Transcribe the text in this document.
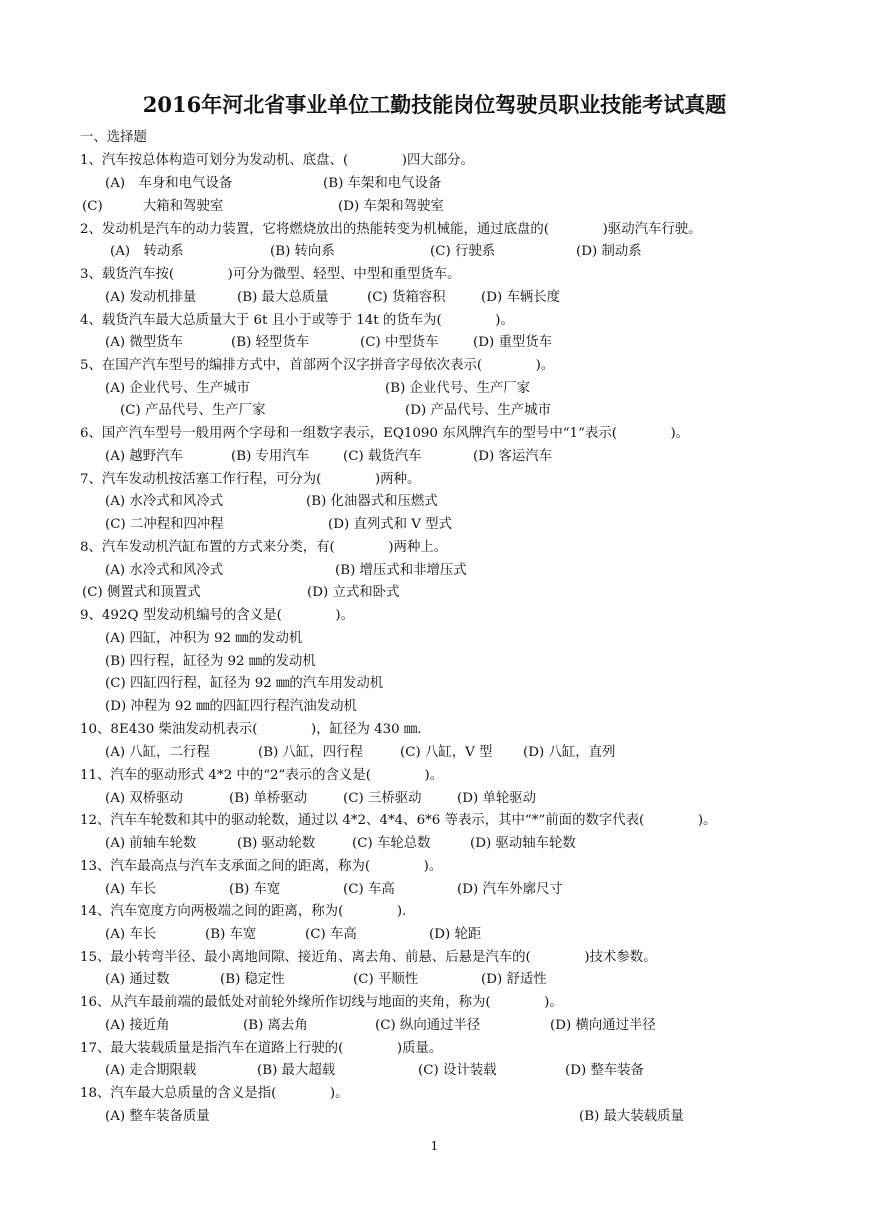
2016年河北省事业单位工勤技能岗位驾驶员职业技能考试真题
一、选择题
1、汽车按总体构造可划分为发动机、底盘、(　　　　)四大部分。
(A)　车身和电气设备	(B) 车架和电气设备
(C)　　　大箱和驾驶室	(D) 车架和驾驶室
2、发动机是汽车的动力装置，它将燃烧放出的热能转变为机械能，通过底盘的(　　　　)驱动汽车行驶。
(A)　转动系	(B) 转向系	(C) 行驶系	(D) 制动系
3、载货汽车按(　　　　)可分为微型、轻型、中型和重型货车。
(A) 发动机排量	(B) 最大总质量	(C) 货箱容积	(D) 车辆长度
4、载货汽车最大总质量大于 6t 且小于或等于 14t 的货车为(　　　　)。
(A) 微型货车	(B) 轻型货车	(C) 中型货车	(D) 重型货车
5、在国产汽车型号的编排方式中，首部两个汉字拼音字母依次表示(　　　　)。
(A) 企业代号、生产城市	(B) 企业代号、生产厂家
(C) 产品代号、生产厂家	(D) 产品代号、生产城市
6、国产汽车型号一般用两个字母和一组数字表示，EQ1090 东风牌汽车的型号中“1”表示(　　　　)。
(A) 越野汽车	(B) 专用汽车	(C) 载货汽车	(D) 客运汽车
7、汽车发动机按活塞工作行程，可分为(　　　　)两种。
(A) 水冷式和风冷式	(B) 化油器式和压燃式
(C) 二冲程和四冲程	(D) 直列式和 V 型式
8、汽车发动机汽缸布置的方式来分类，有(　　　　)两种上。
(A) 水冷式和风冷式	(B) 增压式和非增压式
(C) 侧置式和顶置式	(D) 立式和卧式
9、492Q 型发动机编号的含义是(　　　　)。
(A) 四缸，冲积为 92 ㎜的发动机
(B) 四行程，缸径为 92 ㎜的发动机
(C) 四缸四行程，缸径为 92 ㎜的汽车用发动机
(D) 冲程为 92 ㎜的四缸四行程汽油发动机
10、8E430 柴油发动机表示(　　　　)，缸径为 430 ㎜.
(A) 八缸，二行程	(B) 八缸，四行程	(C) 八缸，V 型 (D) 八缸，直列
11、汽车的驱动形式 4*2 中的“2”表示的含义是(　　　　)。
(A) 双桥驱动	(B) 单桥驱动	(C) 三桥驱动	(D) 单轮驱动
12、汽车车轮数和其中的驱动轮数，通过以 4*2、4*4、6*6 等表示，其中“*”前面的数字代表(　　　　)。
(A) 前轴车轮数	(B) 驱动轮数	(C) 车轮总数	(D) 驱动轴车轮数
13、汽车最高点与汽车支承面之间的距离，称为(　　　　)。
(A) 车长	(B) 车宽	(C) 车高	(D) 汽车外廓尺寸
14、汽车宽度方向两极端之间的距离，称为(　　　　).
(A) 车长	(B) 车宽	(C) 车高	(D) 轮距
15、最小转弯半径、最小离地间隙、接近角、离去角、前悬、后悬是汽车的(　　　　)技术参数。
(A) 通过数	(B) 稳定性	(C) 平顺性	(D) 舒适性
16、从汽车最前端的最低处对前轮外缘所作切线与地面的夹角，称为(　　　　)。
(A) 接近角	(B) 离去角	(C) 纵向通过半径	(D) 横向通过半径
17、最大装载质量是指汽车在道路上行驶的(　　　　)质量。
(A) 走合期限载	(B) 最大超载	(C) 设计装载	(D) 整车装备
18、汽车最大总质量的含义是指(　　　　)。
(A) 整车装备质量	(B) 最大装载质量
1
